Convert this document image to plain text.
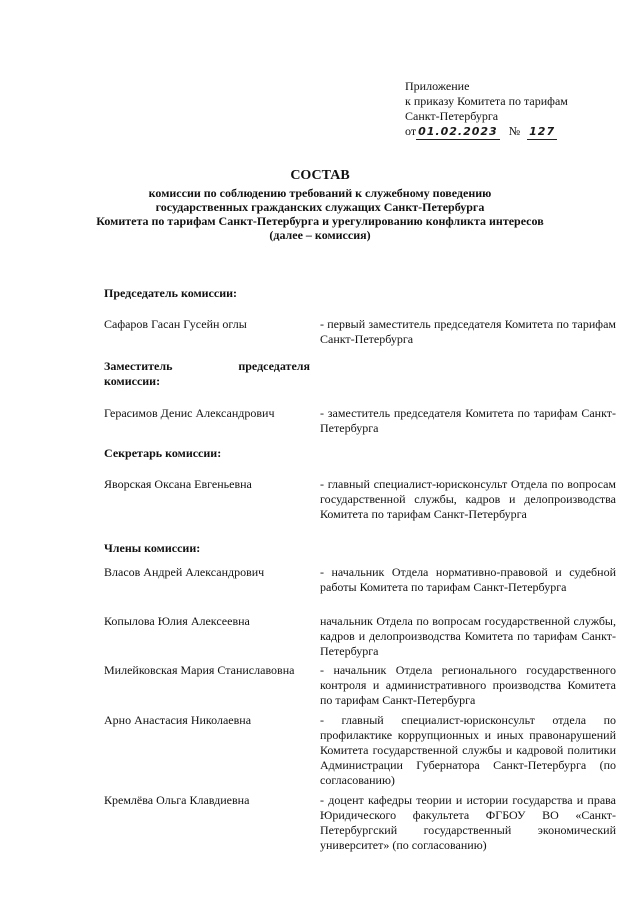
Приложение
к приказу Комитета по тарифам
Санкт-Петербурга
от 01.02.2023 № 127
СОСТАВ
комиссии по соблюдению требований к служебному поведению
государственных гражданских служащих Санкт-Петербурга
Комитета по тарифам Санкт-Петербурга и урегулированию конфликта интересов
(далее – комиссия)
Председатель комиссии:
Сафаров Гасан Гусейн оглы	- первый заместитель председателя Комитета по тарифам Санкт-Петербурга
Заместитель	председателя
комиссии:
Герасимов Денис Александрович	- заместитель председателя Комитета по тарифам Санкт-Петербурга
Секретарь комиссии:
Яворская Оксана Евгеньевна	- главный специалист-юрисконсульт Отдела по вопросам государственной службы, кадров и делопроизводства Комитета по тарифам Санкт-Петербурга
Члены комиссии:
Власов Андрей Александрович	- начальник Отдела нормативно-правовой и судебной работы Комитета по тарифам Санкт-Петербурга
Копылова Юлия Алексеевна	начальник Отдела по вопросам государственной службы, кадров и делопроизводства Комитета по тарифам Санкт-Петербурга
Милейковская Мария Станиславовна	- начальник Отдела регионального государственного контроля и административного производства Комитета по тарифам Санкт-Петербурга
Арно Анастасия Николаевна	- главный специалист-юрисконсульт отдела по профилактике коррупционных и иных правонарушений Комитета государственной службы и кадровой политики Администрации Губернатора Санкт-Петербурга (по согласованию)
Кремлёва Ольга Клавдиевна	- доцент кафедры теории и истории государства и права Юридического факультета ФГБОУ ВО «Санкт-Петербургский государственный экономический университет» (по согласованию)
